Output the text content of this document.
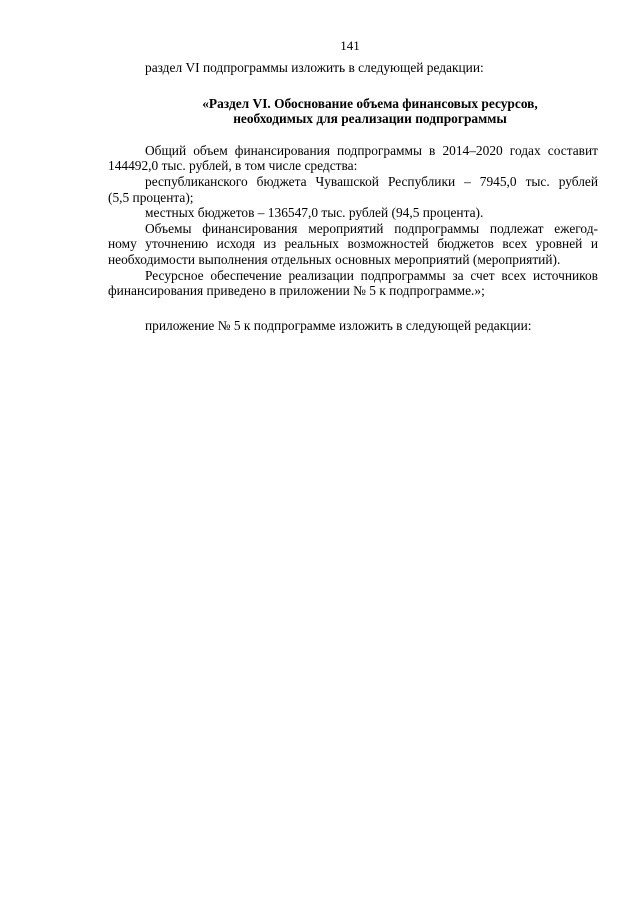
141
раздел VI подпрограммы изложить в следующей редакции:
«Раздел VI. Обоснование объема финансовых ресурсов,
необходимых для реализации подпрограммы
Общий объем финансирования подпрограммы в 2014–2020 годах составит
144492,0 тыс. рублей, в том числе средства:
республиканского бюджета Чувашской Республики – 7945,0 тыс. рублей
(5,5 процента);
местных бюджетов – 136547,0 тыс. рублей (94,5 процента).
Объемы финансирования мероприятий подпрограммы подлежат ежегод-
ному уточнению исходя из реальных возможностей бюджетов всех уровней и
необходимости выполнения отдельных основных мероприятий (мероприятий).
Ресурсное обеспечение реализации подпрограммы за счет всех источников
финансирования приведено в приложении № 5 к подпрограмме.»;
приложение № 5 к подпрограмме изложить в следующей редакции:
